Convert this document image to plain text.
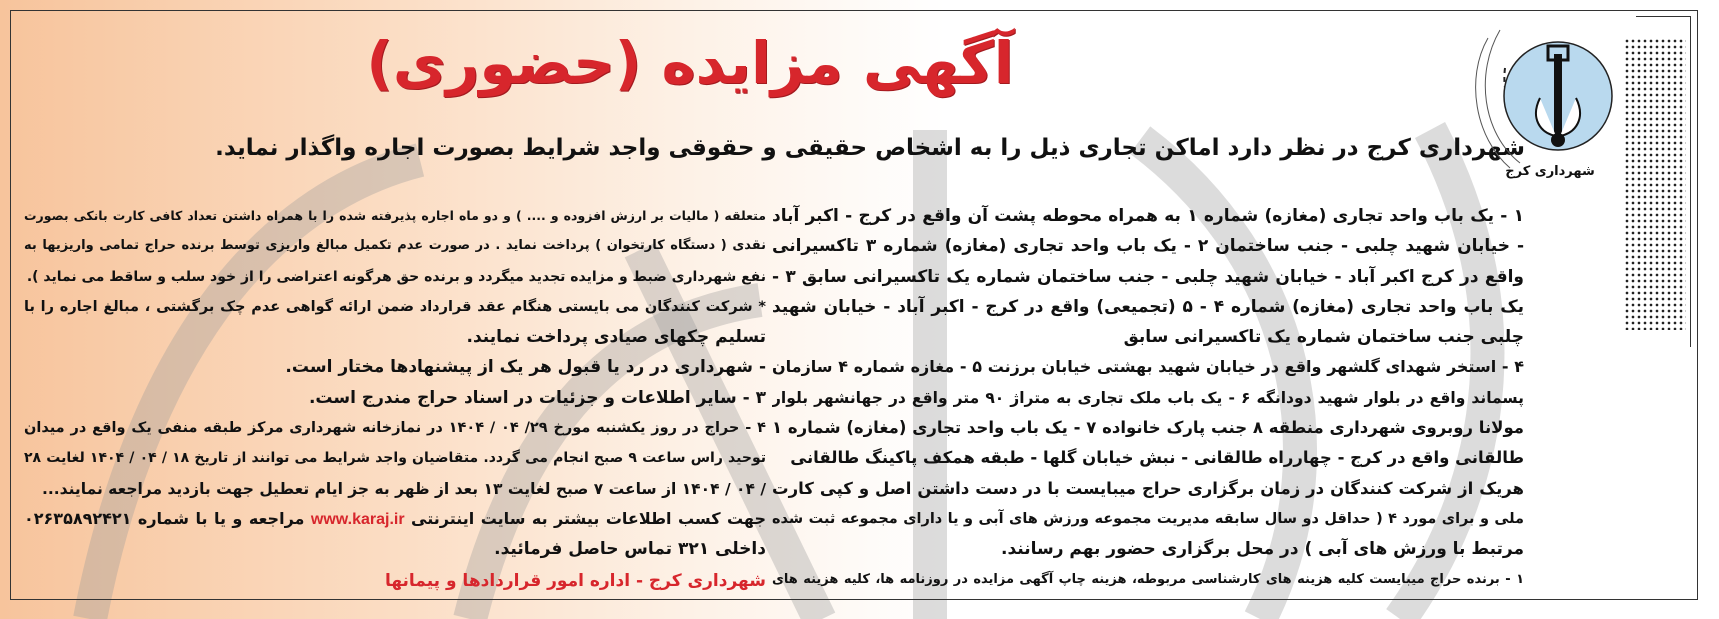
آگهی مزایده (حضوری)
شهرداری کرج در نظر دارد اماکن تجاری ذیل را به اشخاص حقیقی و حقوقی واجد شرایط بصورت اجاره واگذار نماید.
شهرداری کرج
۱ - یک باب واحد تجاری (مغازه) شماره ۱ به همراه محوطه پشت آن واقع در کرج - اکبر آباد
- خیابان شهید چلبی - جنب ساختمان ۲ - یک باب واحد تجاری (مغازه) شماره ۳ تاکسیرانی
واقع در کرج اکبر آباد - خیابان شهید چلبی - جنب ساختمان شماره یک تاکسیرانی سابق ۳ -
یک باب واحد تجاری (مغازه) شماره ۴ - ۵ (تجمیعی) واقع در کرج - اکبر آباد - خیابان شهید
چلبی جنب ساختمان شماره یک تاکسیرانی سابق
۴ - استخر شهدای گلشهر واقع در خیابان شهید بهشتی خیابان برزنت ۵ - مغازه شماره ۴ سازمان
پسماند واقع در بلوار شهید دودانگه ۶ - یک باب ملک تجاری به متراژ ۹۰ متر واقع در جهانشهر بلوار
مولانا روبروی شهرداری منطقه ۸ جنب پارک خانواده ۷ - یک باب واحد تجاری (مغازه) شماره ۱
طالقانی واقع در کرج - چهارراه طالقانی - نبش خیابان گلها - طبقه همکف پاکینگ طالقانی
هریک از شرکت کنندگان در زمان برگزاری حراج میبایست با در دست داشتن اصل و کپی کارت
ملی و برای مورد ۴ ( حداقل دو سال سابقه مدیریت مجموعه ورزش های آبی و یا دارای مجموعه ثبت شده
مرتبط با ورزش های آبی ) در محل برگزاری حضور بهم رسانند.
۱ - برنده حراج میبایست کلیه هزینه های کارشناسی مربوطه، هزینه چاپ آگهی مزایده در روزنامه ها، کلیه هزینه های
متعلقه ( مالیات بر ارزش افزوده و .... ) و دو ماه اجاره پذیرفته شده را با همراه داشتن تعداد کافی کارت بانکی بصورت
نقدی ( دستگاه کارتخوان ) پرداخت نماید . در صورت عدم تکمیل مبالغ واریزی توسط برنده حراج تمامی واریزیها به
نفع شهرداری ضبط و مزایده تجدید میگردد و برنده حق هرگونه اعتراضی را از خود سلب و ساقط می نماید ).
* شرکت کنندگان می بایستی هنگام عقد قرارداد ضمن ارائه گواهی عدم چک برگشتی ، مبالغ اجاره را با
تسلیم چکهای صیادی پرداخت نمایند.
- شهرداری در رد یا قبول هر یک از پیشنهادها مختار است.
۳ - سایر اطلاعات و جزئیات در اسناد حراج مندرج است.
۴ - حراج در روز یکشنبه مورخ ۲۹/ ۰۴ / ۱۴۰۴ در نمازخانه شهرداری مرکز طبقه منفی یک واقع در میدان
توحید راس ساعت ۹ صبح انجام می گردد. متقاضیان واجد شرایط می توانند از تاریخ ۱۸ / ۰۴ / ۱۴۰۴ لغایت ۲۸
/ ۰۴ / ۱۴۰۴ از ساعت ۷ صبح لغایت ۱۳ بعد از ظهر به جز ایام تعطیل جهت بازدید مراجعه نمایند...
جهت کسب اطلاعات بیشتر به سایت اینترنتی www.karaj.ir مراجعه و یا با شماره ۰۲۶۳۵۸۹۲۴۲۱
داخلی ۳۲۱ تماس حاصل فرمائید.
شهرداری کرج - اداره امور قراردادها و پیمانها
